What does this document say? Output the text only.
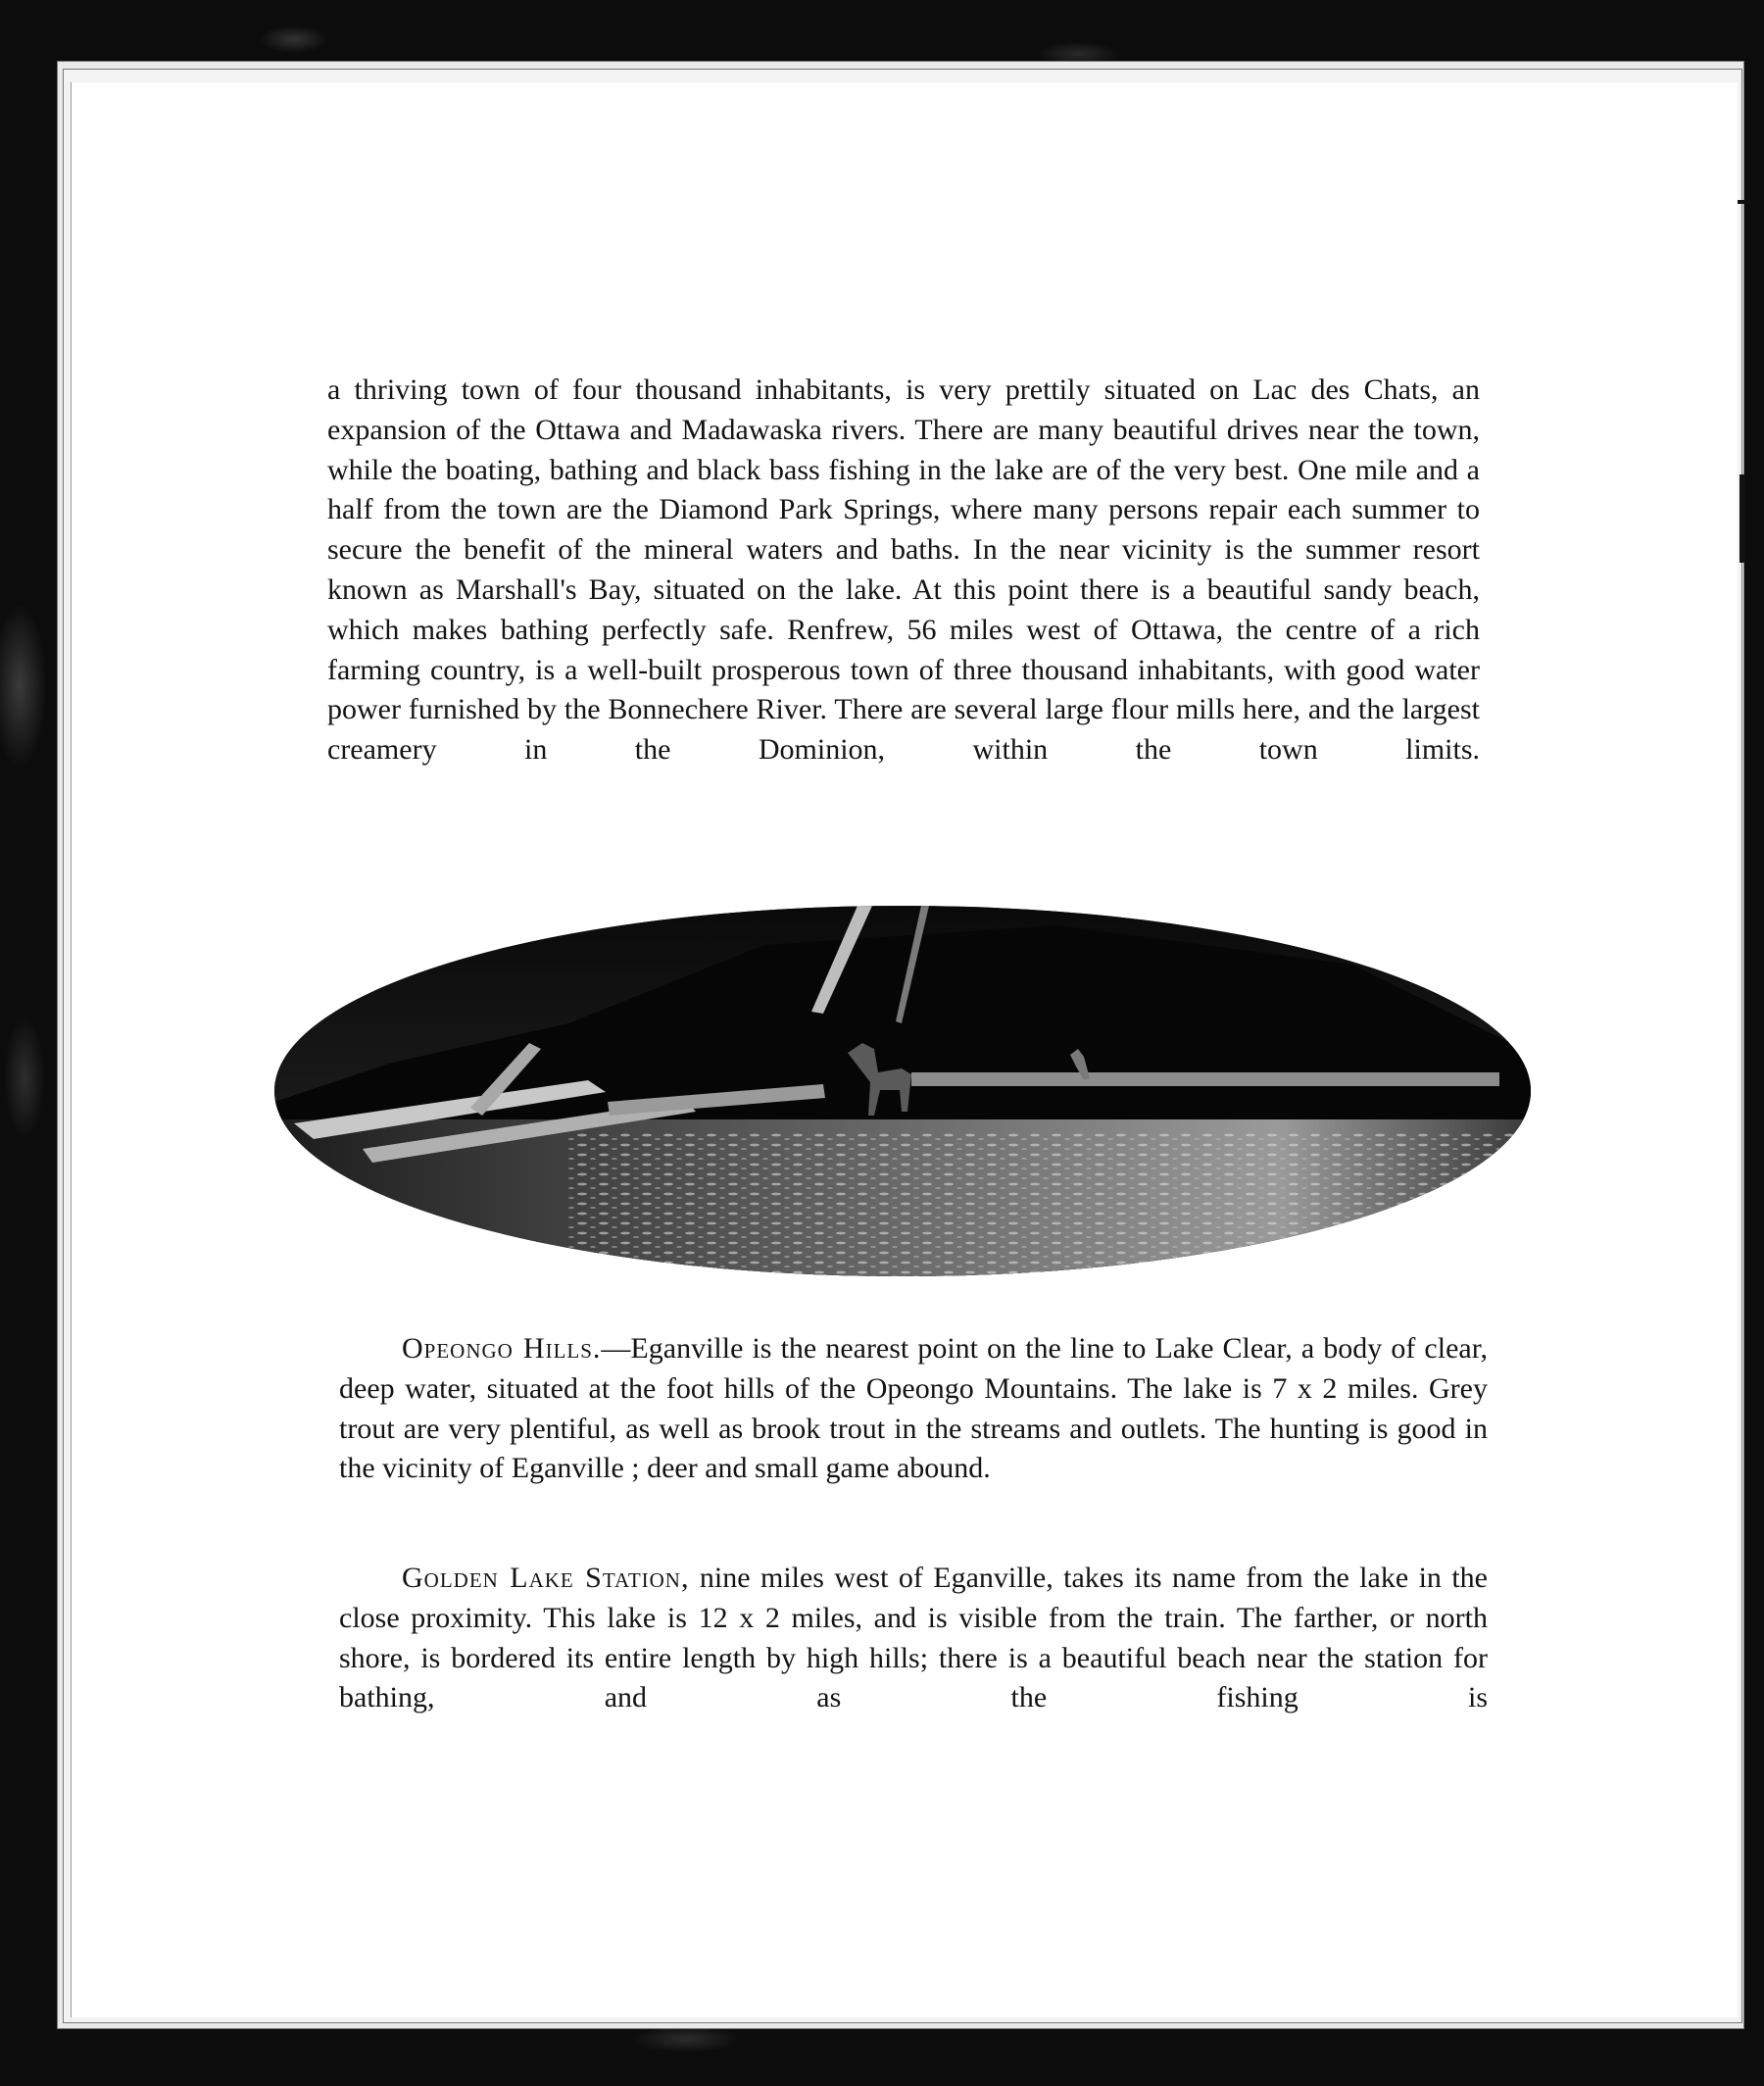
a thriving town of four thousand inhabitants, is very prettily situated on Lac des Chats, an expansion of the Ottawa and Madawaska rivers. There are many beautiful drives near the town, while the boating, bathing and black bass fishing in the lake are of the very best. One mile and a half from the town are the Diamond Park Springs, where many persons repair each summer to secure the benefit of the mineral waters and baths. In the near vicinity is the summer resort known as Marshall's Bay, situated on the lake. At this point there is a beautiful sandy beach, which makes bathing perfectly safe. Renfrew, 56 miles west of Ottawa, the centre of a rich farming country, is a well-built prosperous town of three thousand inhabitants, with good water power furnished by the Bonnechere River. There are several large flour mills here, and the largest creamery in the Dominion, within the town limits.
Opeongo Hills.—Eganville is the nearest point on the line to Lake Clear, a body of clear, deep water, situated at the foot hills of the Opeongo Mountains. The lake is 7 x 2 miles. Grey trout are very plentiful, as well as brook trout in the streams and outlets. The hunting is good in the vicinity of Eganville ; deer and small game abound.
Golden Lake Station, nine miles west of Eganville, takes its name from the lake in the close proximity. This lake is 12 x 2 miles, and is visible from the train. The farther, or north shore, is bordered its entire length by high hills; there is a beautiful beach near the station for bathing, and as the fishing is
